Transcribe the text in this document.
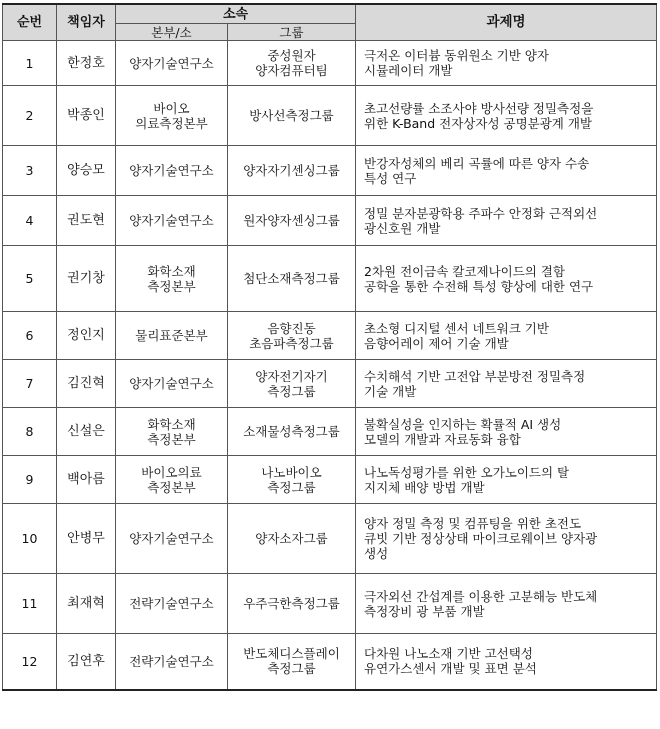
순번	책임자	소속		과제명
		본부/소	그룹	
1	한정호	양자기술연구소	중성원자
양자컴퓨터팀	극저온 이터븀 동위원소 기반 양자
시뮬레이터 개발
2	박종인	바이오
의료측정본부	방사선측정그룹	초고선량률 소조사야 방사선량 정밀측정을
위한 K-Band 전자상자성 공명분광계 개발
3	양승모	양자기술연구소	양자자기센싱그룹	반강자성체의 베리 곡률에 따른 양자 수송
특성 연구
4	권도현	양자기술연구소	원자양자센싱그룹	정밀 분자분광학용 주파수 안정화 근적외선
광신호원 개발
5	권기창	화학소재
측정본부	첨단소재측정그룹	2차원 전이금속 칼코제나이드의 결함
공학을 통한 수전해 특성 향상에 대한 연구
6	정인지	물리표준본부	음향진동
초음파측정그룹	초소형 디지털 센서 네트워크 기반
음향어레이 제어 기술 개발
7	김진혁	양자기술연구소	양자전기자기
측정그룹	수치해석 기반 고전압 부분방전 정밀측정
기술 개발
8	신설은	화학소재
측정본부	소재물성측정그룹	불확실성을 인지하는 확률적 AI 생성
모델의 개발과 자료동화 융합
9	백아름	바이오의료
측정본부	나노바이오
측정그룹	나노독성평가를 위한 오가노이드의 탈
지지체 배양 방법 개발
10	안병무	양자기술연구소	양자소자그룹	양자 정밀 측정 및 컴퓨팅을 위한 초전도
큐빗 기반 정상상태 마이크로웨이브 양자광
생성
11	최재혁	전략기술연구소	우주극한측정그룹	극자외선 간섭계를 이용한 고분해능 반도체
측정장비 광 부품 개발
12	김연후	전략기술연구소	반도체디스플레이
측정그룹	다차원 나노소재 기반 고선택성
유연가스센서 개발 및 표면 분석
